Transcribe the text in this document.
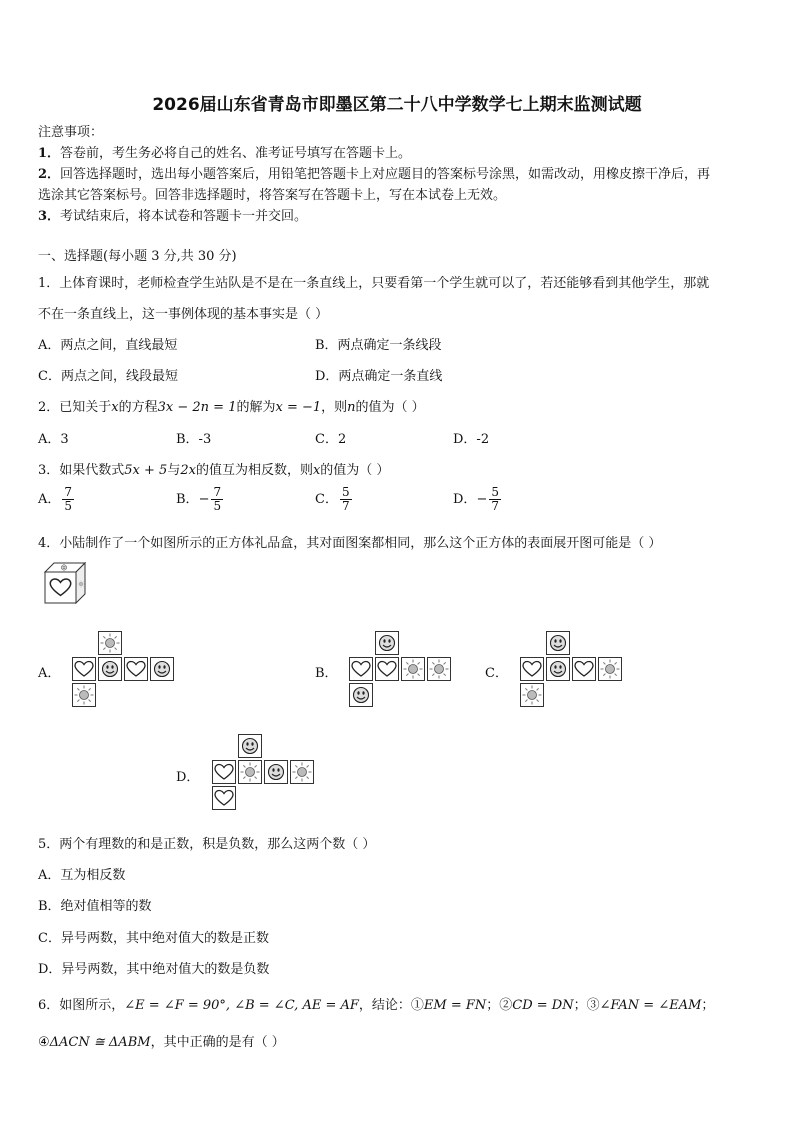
2026届山东省青岛市即墨区第二十八中学数学七上期末监测试题
注意事项：
1．答卷前，考生务必将自己的姓名、准考证号填写在答题卡上。
2．回答选择题时，选出每小题答案后，用铅笔把答题卡上对应题目的答案标号涂黑，如需改动，用橡皮擦干净后，再
选涂其它答案标号。回答非选择题时，将答案写在答题卡上，写在本试卷上无效。
3．考试结束后，将本试卷和答题卡一并交回。
一、选择题(每小题 3 分,共 30 分)
1．上体育课时，老师检查学生站队是不是在一条直线上，只要看第一个学生就可以了，若还能够看到其他学生，那就
不在一条直线上，这一事例体现的基本事实是（ ）
A．两点之间，直线最短	B．两点确定一条线段
C．两点之间，线段最短	D．两点确定一条直线
2．已知关于x的方程3x − 2n = 1的解为x = −1，则n的值为（ ）
A．3	B．-3	C．2	D．-2
3．如果代数式5x + 5与2x的值互为相反数，则x的值为（ ）
A． $\frac{7}{5}$	B．− $\frac{7}{5}$	C． $\frac{5}{7}$	D．− $\frac{5}{7}$
4．小陆制作了一个如图所示的正方体礼品盒，其对面图案都相同，那么这个正方体的表面展开图可能是（ ）
A．	B．	C．
D．
5．两个有理数的和是正数，积是负数，那么这两个数（ ）
A．互为相反数
B．绝对值相等的数
C．异号两数，其中绝对值大的数是正数
D．异号两数，其中绝对值大的数是负数
6．如图所示，∠E = ∠F = 90°, ∠B = ∠C, AE = AF，结论：①EM = FN；②CD = DN；③∠FAN = ∠EAM；
④ΔACN ≅ ΔABM，其中正确的是有（ ）
